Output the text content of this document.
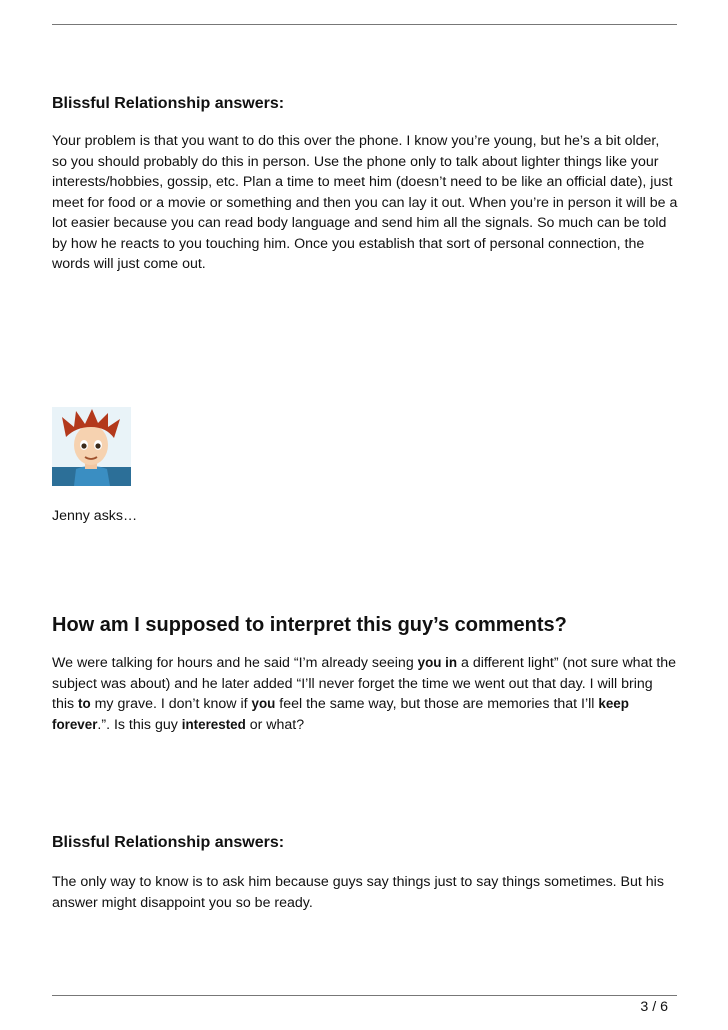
Blissful Relationship answers:

Your problem is that you want to do this over the phone. I know you’re young, but he’s a bit older, so you should probably do this in person. Use the phone only to talk about lighter things like your interests/hobbies, gossip, etc. Plan a time to meet him (doesn’t need to be like an official date), just meet for food or a movie or something and then you can lay it out. When you’re in person it will be a lot easier because you can read body language and send him all the signals. So much can be told by how he reacts to you touching him. Once you establish that sort of personal connection, the words will just come out.

Jenny asks…

How am I supposed to interpret this guy’s comments?

We were talking for hours and he said “I’m already seeing you in a different light” (not sure what the subject was about) and he later added “I’ll never forget the time we went out that day. I will bring this to my grave. I don’t know if you feel the same way, but those are memories that I’ll keep forever.”. Is this guy interested or what?

Blissful Relationship answers:

The only way to know is to ask him because guys say things just to say things sometimes. But his answer might disappoint you so be ready.

3 / 6
